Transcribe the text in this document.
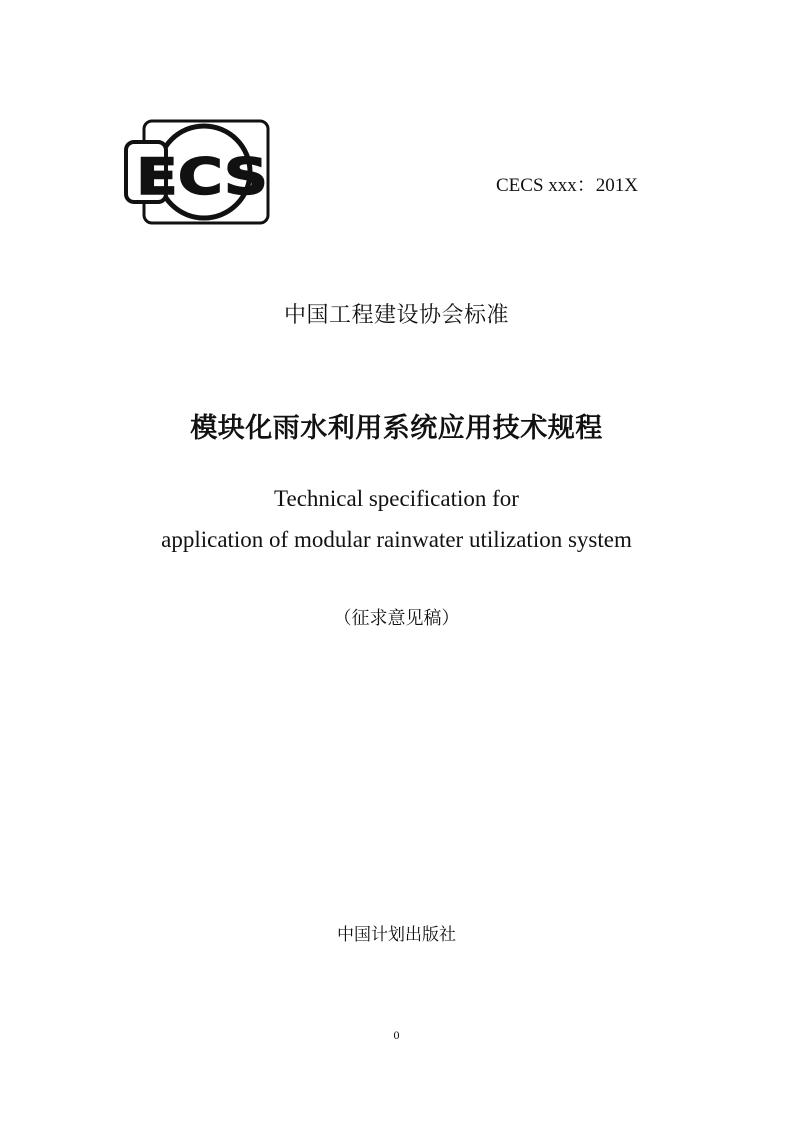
ECS	CECS xxx：201X
中国工程建设协会标准
模块化雨水利用系统应用技术规程
Technical specification for
application of modular rainwater utilization system
（征求意见稿）
中国计划出版社
0
